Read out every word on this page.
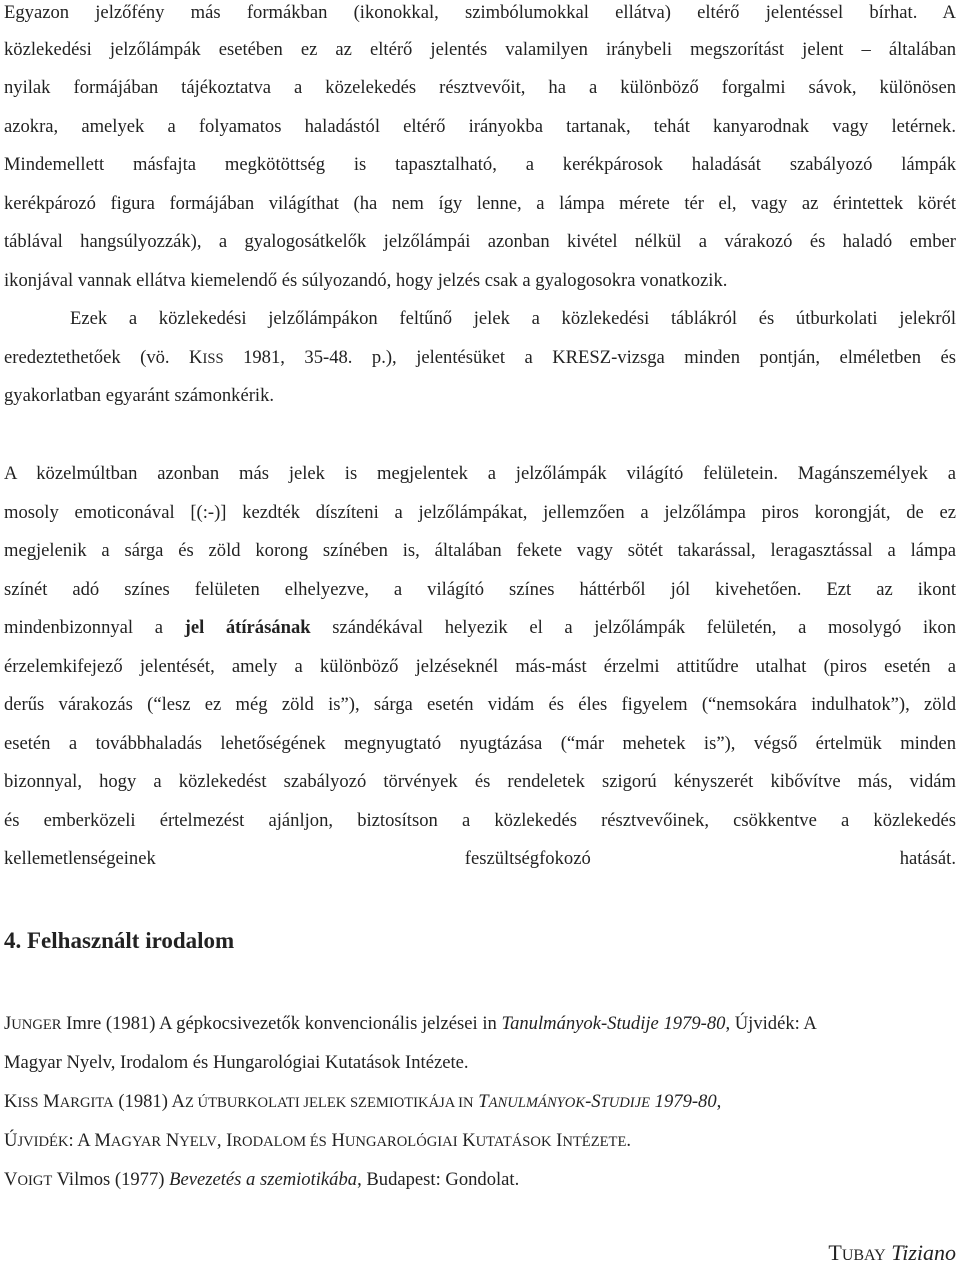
Egyazon jelzőfény más formákban (ikonokkal, szimbólumokkal ellátva) eltérő jelentéssel bírhat. A
közlekedési jelzőlámpák esetében ez az eltérő jelentés valamilyen iránybeli megszorítást jelent – általában
nyilak formájában tájékoztatva a közelekedés résztvevőit, ha a különböző forgalmi sávok, különösen
azokra, amelyek a folyamatos haladástól eltérő irányokba tartanak, tehát kanyarodnak vagy letérnek.
Mindemellett másfajta megkötöttség is tapasztalható, a kerékpárosok haladását szabályozó lámpák
kerékpározó figura formájában világíthat (ha nem így lenne, a lámpa mérete tér el, vagy az érintettek körét
táblával hangsúlyozzák), a gyalogosátkelők jelzőlámpái azonban kivétel nélkül a várakozó és haladó ember
ikonjával vannak ellátva kiemelendő és súlyozandó, hogy jelzés csak a gyalogosokra vonatkozik.
Ezek a közlekedési jelzőlámpákon feltűnő jelek a közlekedési táblákról és útburkolati jelekről
eredeztethetőek (vö. KISS 1981, 35-48. p.), jelentésüket a KRESZ-vizsga minden pontján, elméletben és
gyakorlatban egyaránt számonkérik.
A közelmúltban azonban más jelek is megjelentek a jelzőlámpák világító felületein. Magánszemélyek a
mosoly emoticonával [(:-)] kezdték díszíteni a jelzőlámpákat, jellemzően a jelzőlámpa piros korongját, de ez
megjelenik a sárga és zöld korong színében is, általában fekete vagy sötét takarással, leragasztással a lámpa
színét adó színes felületen elhelyezve, a világító színes háttérből jól kivehetően. Ezt az ikont
mindenbizonnyal a jel átírásának szándékával helyezik el a jelzőlámpák felületén, a mosolygó ikon
érzelemkifejező jelentését, amely a különböző jelzéseknél más-mást érzelmi attitűdre utalhat (piros esetén a
derűs várakozás (“lesz ez még zöld is”), sárga esetén vidám és éles figyelem (“nemsokára indulhatok”), zöld
esetén a továbbhaladás lehetőségének megnyugtató nyugtázása (“már mehetek is”), végső értelmük minden
bizonnyal, hogy a közlekedést szabályozó törvények és rendeletek szigorú kényszerét kibővítve más, vidám
és emberközeli értelmezést ajánljon, biztosítson a közlekedés résztvevőinek, csökkentve a közlekedés
kellemetlenségeinek feszültségfokozó hatását.
4. Felhasznált irodalom
JUNGER Imre (1981) A gépkocsivezetők konvencionális jelzései in Tanulmányok-Studije 1979-80, Újvidék: A
Magyar Nyelv, Irodalom és Hungarológiai Kutatások Intézete.
KISS MARGITA (1981) AZ ÚTBURKOLATI JELEK SZEMIOTIKÁJA IN TANULMÁNYOK-STUDIJE 1979-80,
ÚJVIDÉK: A MAGYAR NYELV, IRODALOM ÉS HUNGAROLÓGIAI KUTATÁSOK INTÉZETE.
VOIGT Vilmos (1977) Bevezetés a szemiotikába, Budapest: Gondolat.
TUBAY Tiziano
